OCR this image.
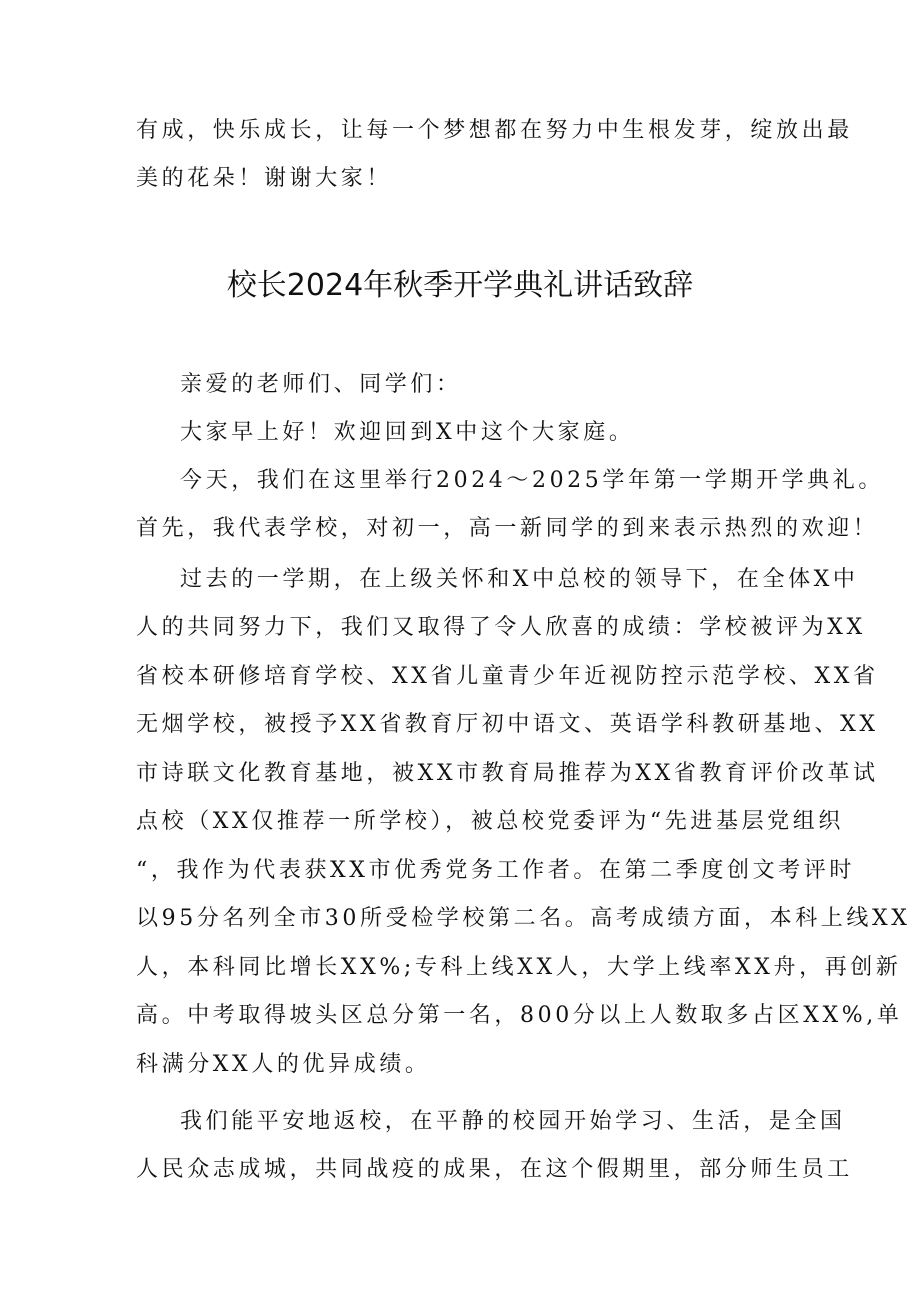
有成，快乐成长，让每一个梦想都在努力中生根发芽，绽放出最
美的花朵！谢谢大家！
校长2024年秋季开学典礼讲话致辞
亲爱的老师们、同学们：
大家早上好！欢迎回到X中这个大家庭。
今天，我们在这里举行2024〜2025学年第一学期开学典礼。
首先，我代表学校，对初一，高一新同学的到来表示热烈的欢迎！
过去的一学期，在上级关怀和X中总校的领导下，在全体X中
人的共同努力下，我们又取得了令人欣喜的成绩：学校被评为XX
省校本研修培育学校、XX省儿童青少年近视防控示范学校、XX省
无烟学校，被授予XX省教育厅初中语文、英语学科教研基地、XX
市诗联文化教育基地，被XX市教育局推荐为XX省教育评价改革试
点校（XX仅推荐一所学校），被总校党委评为“先进基层党组织
“，我作为代表获XX市优秀党务工作者。在第二季度创文考评时
以95分名列全市30所受检学校第二名。高考成绩方面，本科上线XX
人，本科同比增长XX%;专科上线XX人，大学上线率XX舟，再创新
高。中考取得坡头区总分第一名，800分以上人数取多占区XX%,单
科满分XX人的优异成绩。
我们能平安地返校，在平静的校园开始学习、生活，是全国
人民众志成城，共同战疫的成果，在这个假期里，部分师生员工
